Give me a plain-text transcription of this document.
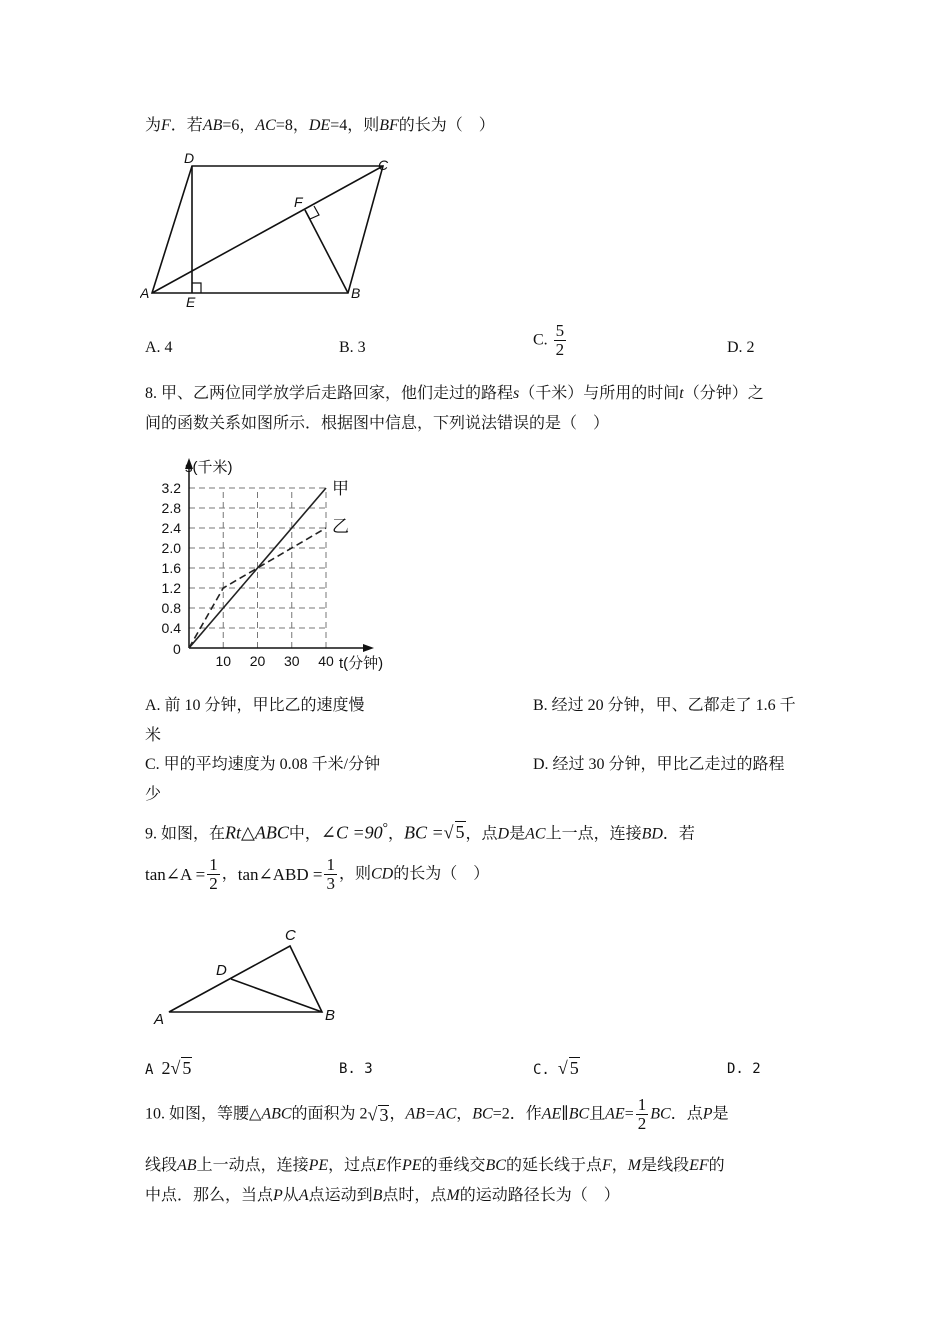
为F．若AB=6，AC=8，DE=4，则BF的长为（　）
A	B
C
D
E
F
A. 4	B. 3	C. $\frac{5}{2}$	D. 2
8. 甲、乙两位同学放学后走路回家，他们走过的路程s（千米）与所用的时间t（分钟）之
间的函数关系如图所示．根据图中信息，下列说法错误的是（　）
0.4
0.8
1.2
1.6
2.0
2.4
2.8
3.2
10 20 30 40
0
t(分钟)
s(千米)
甲
乙
A. 前 10 分钟，甲比乙的速度慢	B. 经过 20 分钟，甲、乙都走了 1.6 千
米
C. 甲的平均速度为 0.08 千米/分钟	D. 经过 30 分钟，甲比乙走过的路程
少
9. 如图，在Rt△ABC中，∠C =90°，BC =√ 5，点D是AC上一点，连接BD．若
tan∠A = $\frac{1}{2}$ ，tan∠ABD = $\frac{1}{3}$ ，则CD的长为（　）
A	B
C
D
A 2√ 5	B. 3	C. √ 5	D. 2
10. 如图，等腰△ABC的面积为 2√ 3，AB=AC，BC=2．作AE∥BC且$AE= \frac{1}{2}$ BC．点P是
线段AB上一动点，连接PE，过点E作PE的垂线交BC的延长线于点F，M是线段EF的
中点．那么，当点P从A点运动到B点时，点M的运动路径长为（　）
